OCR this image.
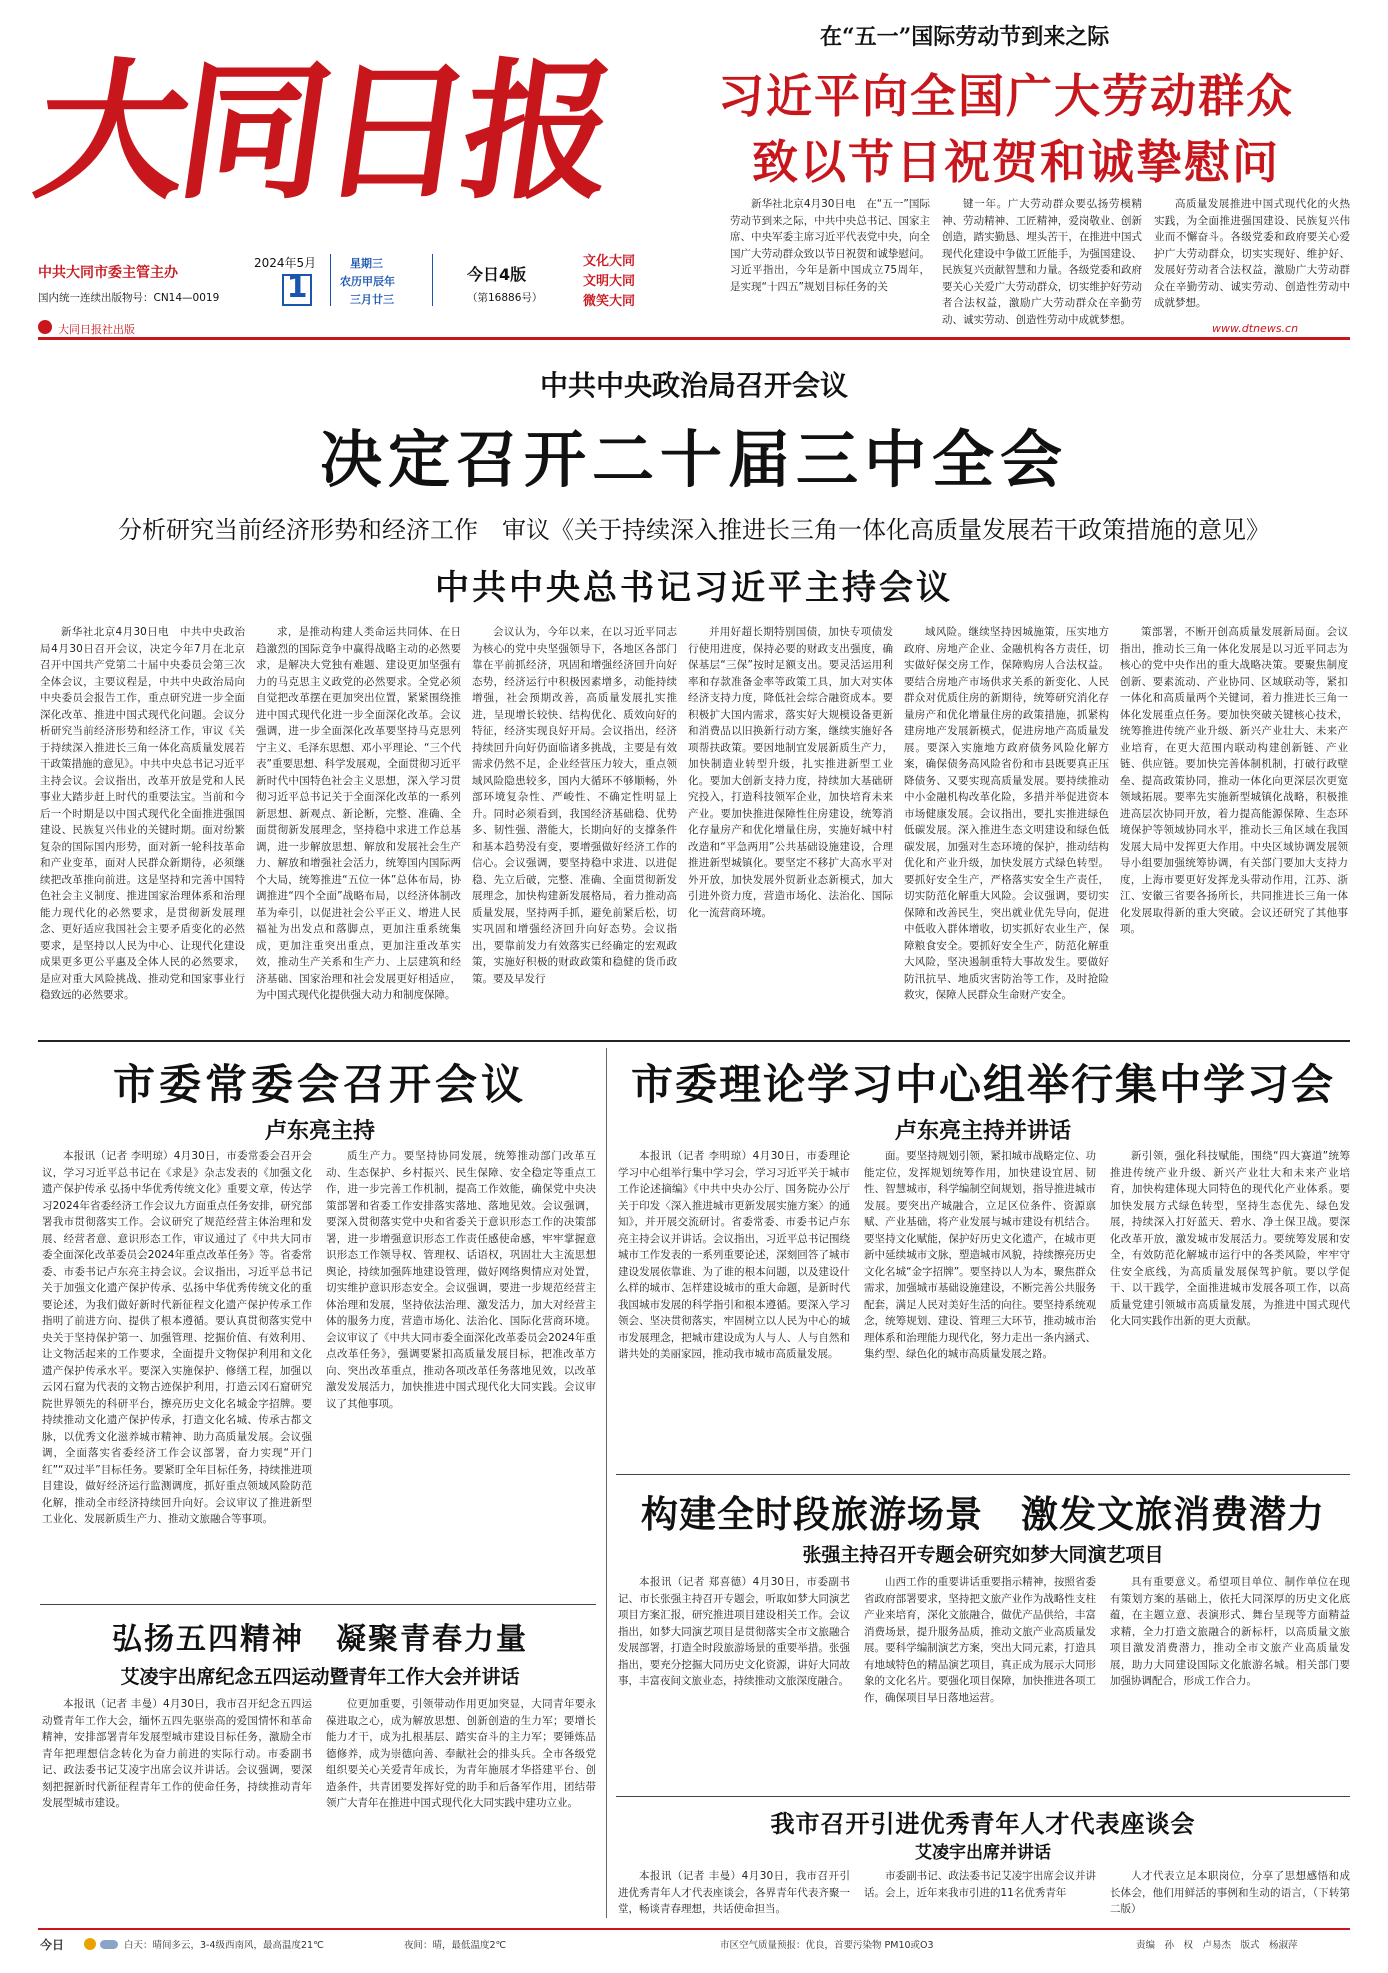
大同日报
中共大同市委主管主办
国内统一连续出版物号：CN14—0019
2024年5月
1
星期三
农历甲辰年
三月廿三
今日4版
（第16886号）
文化大同
文明大同
微笑大同
大同日报社出版	www.dtnews.cn
在“五一”国际劳动节到来之际
习近平向全国广大劳动群众
致以节日祝贺和诚挚慰问

新华社北京4月30日电　在“五一”国际劳动节到来之际，中共中央总书记、国家主席、中央军委主席习近平代表党中央，向全国广大劳动群众致以节日祝贺和诚挚慰问。习近平指出，今年是新中国成立75周年，是实现“十四五”规划目标任务的关

键一年。广大劳动群众要弘扬劳模精神、劳动精神、工匠精神，爱岗敬业、创新创造，踏实勤恳、埋头苦干，在推进中国式现代化建设中争做工匠能手，为强国建设、民族复兴贡献智慧和力量。各级党委和政府要关心关爱广大劳动群众，切实维护好劳动者合法权益，激励广大劳动群众在辛勤劳动、诚实劳动、创造性劳动中成就梦想。

高质量发展推进中国式现代化的火热实践，为全面推进强国建设、民族复兴伟业而不懈奋斗。各级党委和政府要关心爱护广大劳动群众，切实实现好、维护好、发展好劳动者合法权益，激励广大劳动群众在辛勤劳动、诚实劳动、创造性劳动中成就梦想。

中共中央政治局召开会议
决定召开二十届三中全会
分析研究当前经济形势和经济工作　审议《关于持续深入推进长三角一体化高质量发展若干政策措施的意见》
中共中央总书记习近平主持会议

新华社北京4月30日电　中共中央政治局4月30日召开会议，决定今年7月在北京召开中国共产党第二十届中央委员会第三次全体会议，主要议程是，中共中央政治局向中央委员会报告工作，重点研究进一步全面深化改革、推进中国式现代化问题。会议分析研究当前经济形势和经济工作，审议《关于持续深入推进长三角一体化高质量发展若干政策措施的意见》。中共中央总书记习近平主持会议。会议指出，改革开放是党和人民事业大踏步赶上时代的重要法宝。当前和今后一个时期是以中国式现代化全面推进强国建设、民族复兴伟业的关键时期。面对纷繁复杂的国际国内形势，面对新一轮科技革命和产业变革，面对人民群众新期待，必须继续把改革推向前进。这是坚持和完善中国特色社会主义制度、推进国家治理体系和治理能力现代化的必然要求，是贯彻新发展理念、更好适应我国社会主要矛盾变化的必然要求，是坚持以人民为中心、让现代化建设成果更多更公平惠及全体人民的必然要求，是应对重大风险挑战、推动党和国家事业行稳致远的必然要求。

求，是推动构建人类命运共同体、在日趋激烈的国际竞争中赢得战略主动的必然要求，是解决大党独有难题、建设更加坚强有力的马克思主义政党的必然要求。全党必须自觉把改革摆在更加突出位置，紧紧围绕推进中国式现代化进一步全面深化改革。会议强调，进一步全面深化改革要坚持马克思列宁主义、毛泽东思想、邓小平理论、“三个代表”重要思想、科学发展观，全面贯彻习近平新时代中国特色社会主义思想，深入学习贯彻习近平总书记关于全面深化改革的一系列新思想、新观点、新论断，完整、准确、全面贯彻新发展理念，坚持稳中求进工作总基调，进一步解放思想、解放和发展社会生产力、解放和增强社会活力，统筹国内国际两个大局，统筹推进“五位一体”总体布局，协调推进“四个全面”战略布局，以经济体制改革为牵引，以促进社会公平正义、增进人民福祉为出发点和落脚点，更加注重系统集成，更加注重突出重点，更加注重改革实效，推动生产关系和生产力、上层建筑和经济基础、国家治理和社会发展更好相适应，为中国式现代化提供强大动力和制度保障。

会议认为，今年以来，在以习近平同志为核心的党中央坚强领导下，各地区各部门靠在平前抓经济，巩固和增强经济回升向好态势，经济运行中积极因素增多，动能持续增强，社会预期改善，高质量发展扎实推进，呈现增长较快、结构优化、质效向好的特征，经济实现良好开局。会议指出，经济持续回升向好仍面临诸多挑战，主要是有效需求仍然不足，企业经营压力较大，重点领域风险隐患较多，国内大循环不够顺畅，外部环境复杂性、严峻性、不确定性明显上升。同时必须看到，我国经济基础稳、优势多、韧性强、潜能大，长期向好的支撑条件和基本趋势没有变，要增强做好经济工作的信心。会议强调，要坚持稳中求进、以进促稳、先立后破，完整、准确、全面贯彻新发展理念，加快构建新发展格局，着力推动高质量发展，坚持两手抓，避免前紧后松，切实巩固和增强经济回升向好态势。会议指出，要靠前发力有效落实已经确定的宏观政策，实施好积极的财政政策和稳健的货币政策。要及早发行

并用好超长期特别国债，加快专项债发行使用进度，保持必要的财政支出强度，确保基层“三保”按时足额支出。要灵活运用利率和存款准备金率等政策工具，加大对实体经济支持力度，降低社会综合融资成本。要积极扩大国内需求，落实好大规模设备更新和消费品以旧换新行动方案，继续实施好各项帮扶政策。要因地制宜发展新质生产力，加快制造业转型升级，扎实推进新型工业化。要加大创新支持力度，持续加大基础研究投入，打造科技领军企业，加快培育未来产业。要加快推进保障性住房建设，统筹消化存量房产和优化增量住房，实施好城中村改造和“平急两用”公共基础设施建设，合理推进新型城镇化。要坚定不移扩大高水平对外开放，加快发展外贸新业态新模式，加大引进外资力度，营造市场化、法治化、国际化一流营商环境。

域风险。继续坚持因城施策，压实地方政府、房地产企业、金融机构各方责任，切实做好保交房工作，保障购房人合法权益。要结合房地产市场供求关系的新变化、人民群众对优质住房的新期待，统筹研究消化存量房产和优化增量住房的政策措施，抓紧构建房地产发展新模式，促进房地产高质量发展。要深入实施地方政府债务风险化解方案，确保债务高风险省份和市县既要真正压降债务、又要实现高质量发展。要持续推动中小金融机构改革化险，多措并举促进资本市场健康发展。会议指出，要扎实推进绿色低碳发展。深入推进生态文明建设和绿色低碳发展，加强对生态环境的保护，推动结构优化和产业升级，加快发展方式绿色转型。要抓好安全生产，严格落实安全生产责任，切实防范化解重大风险。会议强调，要切实保障和改善民生，突出就业优先导向，促进中低收入群体增收，切实抓好农业生产，保障粮食安全。要抓好安全生产，防范化解重大风险，坚决遏制重特大事故发生。要做好防汛抗旱、地质灾害防治等工作，及时抢险救灾，保障人民群众生命财产安全。

策部署，不断开创高质量发展新局面。会议指出，推动长三角一体化发展是以习近平同志为核心的党中央作出的重大战略决策。要聚焦制度创新、要素流动、产业协同、区域联动等，紧扣一体化和高质量两个关键词，着力推进长三角一体化发展重点任务。要加快突破关键核心技术，统筹推进传统产业升级、新兴产业壮大、未来产业培育，在更大范围内联动构建创新链、产业链、供应链。要加快完善体制机制，打破行政壁垒、提高政策协同，推动一体化向更深层次更宽领域拓展。要率先实施新型城镇化战略，积极推进高层次协同开放，着力提高能源保障、生态环境保护等领域协同水平，推动长三角区域在我国发展大局中发挥更大作用。中央区域协调发展领导小组要加强统筹协调，有关部门要加大支持力度，上海市要更好发挥龙头带动作用，江苏、浙江、安徽三省要各扬所长，共同推进长三角一体化发展取得新的重大突破。会议还研究了其他事项。

市委常委会召开会议
卢东亮主持

本报讯（记者 李明琼）4月30日，市委常委会召开会议，学习习近平总书记在《求是》杂志发表的《加强文化遗产保护传承 弘扬中华优秀传统文化》重要文章，传达学习2024年省委经济工作会议九方面重点任务安排，研究部署我市贯彻落实工作。会议研究了规范经营主体治理和发展、经营者意、意识形态工作，审议通过了《中共大同市委全面深化改革委员会2024年重点改革任务》等。省委常委、市委书记卢东亮主持会议。会议指出，习近平总书记关于加强文化遗产保护传承、弘扬中华优秀传统文化的重要论述，为我们做好新时代新征程文化遗产保护传承工作指明了前进方向、提供了根本遵循。要认真贯彻落实党中央关于坚持保护第一、加强管理、挖掘价值、有效利用、让文物活起来的工作要求，全面提升文物保护利用和文化遗产保护传承水平。要深入实施保护、修缮工程，加强以云冈石窟为代表的文物古迹保护利用，打造云冈石窟研究院世界领先的科研平台，擦亮历史文化名城金字招牌。要持续推动文化遗产保护传承，打造文化名城、传承古都文脉，以优秀文化滋养城市精神、助力高质量发展。会议强调，全面落实省委经济工作会议部署，奋力实现“开门红”“双过半”目标任务。要紧盯全年目标任务，持续推进项目建设，做好经济运行监测调度，抓好重点领域风险防范化解，推动全市经济持续回升向好。会议审议了推进新型工业化、发展新质生产力、推动文旅融合等事项。

质生产力。要坚持协同发展，统筹推动部门改革互动、生态保护、乡村振兴、民生保障、安全稳定等重点工作，进一步完善工作机制，提高工作效能，确保党中央决策部署和省委工作安排落实落地、落地见效。会议强调，要深入贯彻落实党中央和省委关于意识形态工作的决策部署，进一步增强意识形态工作责任感使命感，牢牢掌握意识形态工作领导权、管理权、话语权，巩固壮大主流思想舆论，持续加强阵地建设管理，做好网络舆情应对处置，切实维护意识形态安全。会议强调，要进一步规范经营主体治理和发展，坚持依法治理、激发活力，加大对经营主体的服务力度，营造市场化、法治化、国际化营商环境。会议审议了《中共大同市委全面深化改革委员会2024年重点改革任务》，强调要紧扣高质量发展目标，把准改革方向、突出改革重点，推动各项改革任务落地见效，以改革激发发展活力，加快推进中国式现代化大同实践。会议审议了其他事项。

弘扬五四精神　凝聚青春力量
艾凌宇出席纪念五四运动暨青年工作大会并讲话

本报讯（记者 丰曼）4月30日，我市召开纪念五四运动暨青年工作大会，缅怀五四先驱崇高的爱国情怀和革命精神，安排部署青年发展型城市建设目标任务，激励全市青年把理想信念转化为奋力前进的实际行动。市委副书记、政法委书记艾凌宇出席会议并讲话。会议强调，要深刻把握新时代新征程青年工作的使命任务，持续推动青年发展型城市建设。

位更加重要，引领带动作用更加突显，大同青年要永葆进取之心，成为解放思想、创新创造的生力军；要增长能力才干，成为扎根基层、踏实奋斗的主力军；要锤炼品德修养，成为崇德向善、奉献社会的排头兵。全市各级党组织要关心关爱青年成长，为青年施展才华搭建平台、创造条件，共青团要发挥好党的助手和后备军作用，团结带领广大青年在推进中国式现代化大同实践中建功立业。

市委理论学习中心组举行集中学习会
卢东亮主持并讲话

本报讯（记者 李明琼）4月30日，市委理论学习中心组举行集中学习会，学习习近平关于城市工作论述摘编》《中共中央办公厅、国务院办公厅关于印发〈深入推进城市更新发展实施方案〉的通知》，并开展交流研讨。省委常委、市委书记卢东亮主持会议并讲话。会议指出，习近平总书记围绕城市工作发表的一系列重要论述，深刻回答了城市建设发展依靠谁、为了谁的根本问题，以及建设什么样的城市、怎样建设城市的重大命题，是新时代我国城市发展的科学指引和根本遵循。要深入学习领会、坚决贯彻落实，牢固树立以人民为中心的城市发展理念，把城市建设成为人与人、人与自然和谐共处的美丽家园，推动我市城市高质量发展。

面。要坚持规划引领，紧扣城市战略定位、功能定位，发挥规划统筹作用，加快建设宜居、韧性、智慧城市，科学编制空间规划，指导推进城市发展。要突出产城融合，立足区位条件、资源禀赋、产业基础，将产业发展与城市建设有机结合。要坚持文化赋能，保护好历史文化遗产，在城市更新中延续城市文脉，塑造城市风貌，持续擦亮历史文化名城“金字招牌”。要坚持以人为本，聚焦群众需求，加强城市基础设施建设，不断完善公共服务配套，满足人民对美好生活的向往。要坚持系统观念，统筹规划、建设、管理三大环节，推动城市治理体系和治理能力现代化，努力走出一条内涵式、集约型、绿色化的城市高质量发展之路。

新引领，强化科技赋能，围绕“四大赛道”统筹推进传统产业升级、新兴产业壮大和未来产业培育，加快构建体现大同特色的现代化产业体系。要加快发展方式绿色转型，坚持生态优先、绿色发展，持续深入打好蓝天、碧水、净土保卫战。要深化改革开放，激发城市发展活力。要统筹发展和安全，有效防范化解城市运行中的各类风险，牢牢守住安全底线，为高质量发展保驾护航。要以学促干、以干践学，全面推进城市发展各项工作，以高质量党建引领城市高质量发展，为推进中国式现代化大同实践作出新的更大贡献。

构建全时段旅游场景　激发文旅消费潜力
张强主持召开专题会研究如梦大同演艺项目

本报讯（记者 郑喜德）4月30日，市委副书记、市长张强主持召开专题会，听取如梦大同演艺项目方案汇报，研究推进项目建设相关工作。会议指出，如梦大同演艺项目是贯彻落实全市文旅融合发展部署，打造全时段旅游场景的重要举措。张强指出，要充分挖掘大同历史文化资源，讲好大同故事，丰富夜间文旅业态，持续推动文旅深度融合。

山西工作的重要讲话重要指示精神，按照省委省政府部署要求，坚持把文旅产业作为战略性支柱产业来培育，深化文旅融合，做优产品供给，丰富消费场景，提升服务品质，推动文旅产业高质量发展。要科学编制演艺方案，突出大同元素，打造具有地域特色的精品演艺项目，真正成为展示大同形象的文化名片。要强化项目保障，加快推进各项工作，确保项目早日落地运营。

具有重要意义。希望项目单位、制作单位在现有策划方案的基础上，依托大同深厚的历史文化底蕴，在主题立意、表演形式、舞台呈现等方面精益求精，全力打造文旅融合的新标杆，以高质量文旅项目激发消费潜力，推动全市文旅产业高质量发展，助力大同建设国际文化旅游名城。相关部门要加强协调配合，形成工作合力。

我市召开引进优秀青年人才代表座谈会
艾凌宇出席并讲话

本报讯（记者 丰曼）4月30日，我市召开引进优秀青年人才代表座谈会，各界青年代表齐聚一堂，畅谈青春理想，共话使命担当。

市委副书记、政法委书记艾凌宇出席会议并讲话。会上，近年来我市引进的11名优秀青年

人才代表立足本职岗位，分享了思想感悟和成长体会，他们用鲜活的事例和生动的语言，（下转第二版）

今日	白天：晴间多云，3-4级西南风，最高温度21℃	夜间：晴，最低温度2℃	市区空气质量预报：优良，首要污染物 PM10或O3	责编　孙　权　卢易杰　版式　杨淑萍
